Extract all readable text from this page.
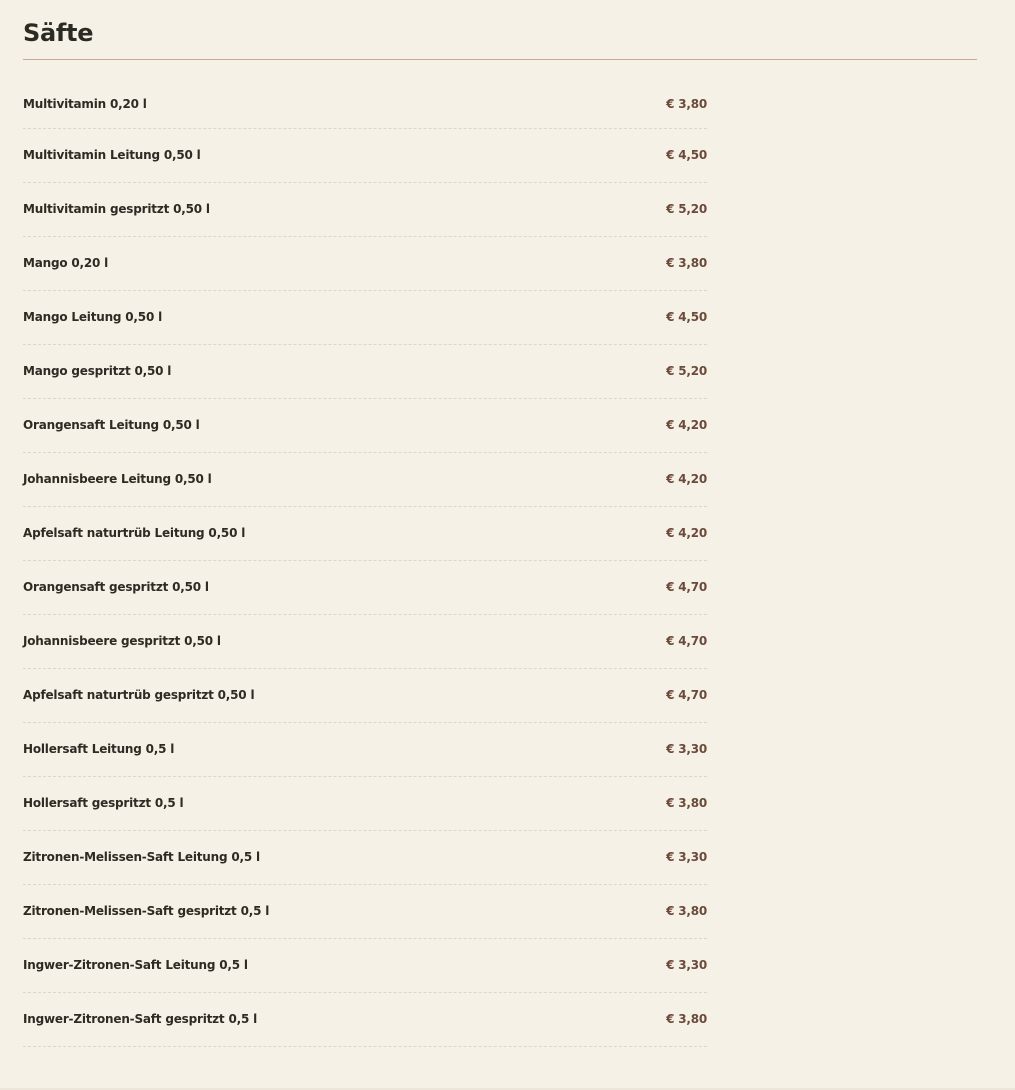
Säfte
Multivitamin 0,20 l	€ 3,80
Multivitamin Leitung 0,50 l	€ 4,50
Multivitamin gespritzt 0,50 l	€ 5,20
Mango 0,20 l	€ 3,80
Mango Leitung 0,50 l	€ 4,50
Mango gespritzt 0,50 l	€ 5,20
Orangensaft Leitung 0,50 l	€ 4,20
Johannisbeere Leitung 0,50 l	€ 4,20
Apfelsaft naturtrüb Leitung 0,50 l	€ 4,20
Orangensaft gespritzt 0,50 l	€ 4,70
Johannisbeere gespritzt 0,50 l	€ 4,70
Apfelsaft naturtrüb gespritzt 0,50 l	€ 4,70
Hollersaft Leitung 0,5 l	€ 3,30
Hollersaft gespritzt 0,5 l	€ 3,80
Zitronen-Melissen-Saft Leitung 0,5 l	€ 3,30
Zitronen-Melissen-Saft gespritzt 0,5 l	€ 3,80
Ingwer-Zitronen-Saft Leitung 0,5 l	€ 3,30
Ingwer-Zitronen-Saft gespritzt 0,5 l	€ 3,80
